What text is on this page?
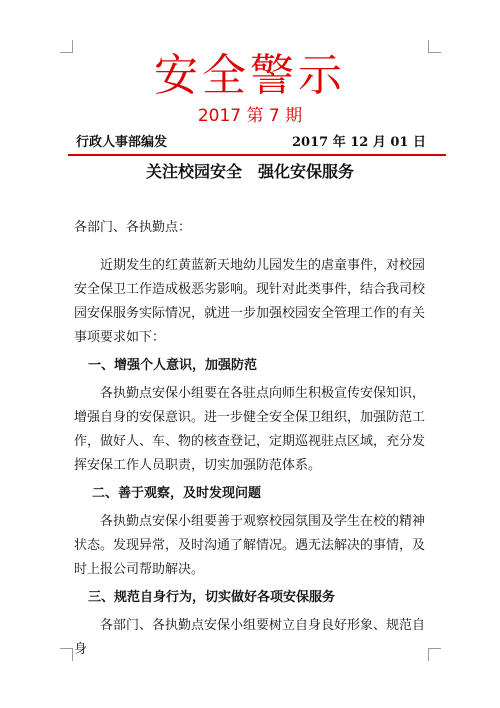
安全警示
2017 第 7 期
行政人事部编发	2017 年 12 月 01 日
关注校园安全　强化安保服务

各部门、各执勤点：

近期发生的红黄蓝新天地幼儿园发生的虐童事件，对校园安全保卫工作造成极恶劣影响。现针对此类事件，结合我司校园安保服务实际情况，就进一步加强校园安全管理工作的有关事项要求如下：

一、增强个人意识，加强防范

各执勤点安保小组要在各驻点向师生积极宣传安保知识，增强自身的安保意识。进一步健全安全保卫组织，加强防范工作，做好人、车、物的核查登记，定期巡视驻点区域，充分发挥安保工作人员职责，切实加强防范体系。

二、善于观察，及时发现问题

各执勤点安保小组要善于观察校园氛围及学生在校的精神状态。发现异常，及时沟通了解情况。遇无法解决的事情，及时上报公司帮助解决。

三、规范自身行为，切实做好各项安保服务

各部门、各执勤点安保小组要树立自身良好形象、规范自身
